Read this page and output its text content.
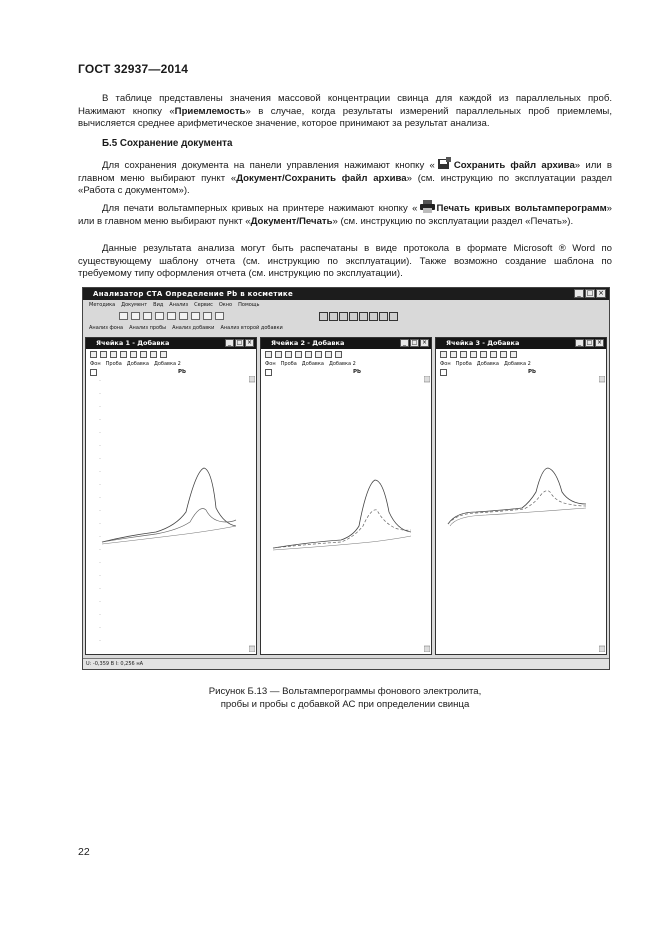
ГОСТ 32937—2014
В таблице представлены значения массовой концентрации свинца для каждой из параллельных проб. Нажимают кнопку «Приемлемость» в случае, когда результаты измерений параллельных проб приемлемы, вычисляется среднее арифметическое значение, которое принимают за результат анализа.
Б.5 Сохранение документа
Для сохранения документа на панели управления нажимают кнопку « Сохранить файл архива» или в главном меню выбирают пункт «Документ/Сохранить файл архива» (см. инструкцию по эксплуатации раздел «Работа с документом»).
Для печати вольтамперных кривых на принтере нажимают кнопку « Печать кривых вольтамперограмм» или в главном меню выбирают пункт «Документ/Печать» (см. инструкцию по эксплуатации раздел «Печать»).
Данные результата анализа могут быть распечатаны в виде протокола в формате Microsoft ® Word по существующему шаблону отчета (см. инструкцию по эксплуатации). Также возможно создание шаблона по требуемому типу оформления отчета (см. инструкцию по эксплуатации).
Анализатор СТА Определение Pb в косметике	_ □ ×
Методика Документ Вид Анализ Сервис Окно Помощь
Анализ фона Анализ пробы Анализ добавки Анализ второй добавки
Ячейка 1 - Добавка	_ □ ×
Фон Проба Добавка Добавка 2
Pb
Ячейка 2 - Добавка	_ □ ×
Фон Проба Добавка Добавка 2
Pb
Ячейка 3 - Добавка	_ □ ×
Фон Проба Добавка Добавка 2
Pb
U: -0,359 В I: 0,256 нА
Рисунок Б.13 — Вольтамперограммы фонового электролита,
пробы и пробы с добавкой АС при определении свинца
22
